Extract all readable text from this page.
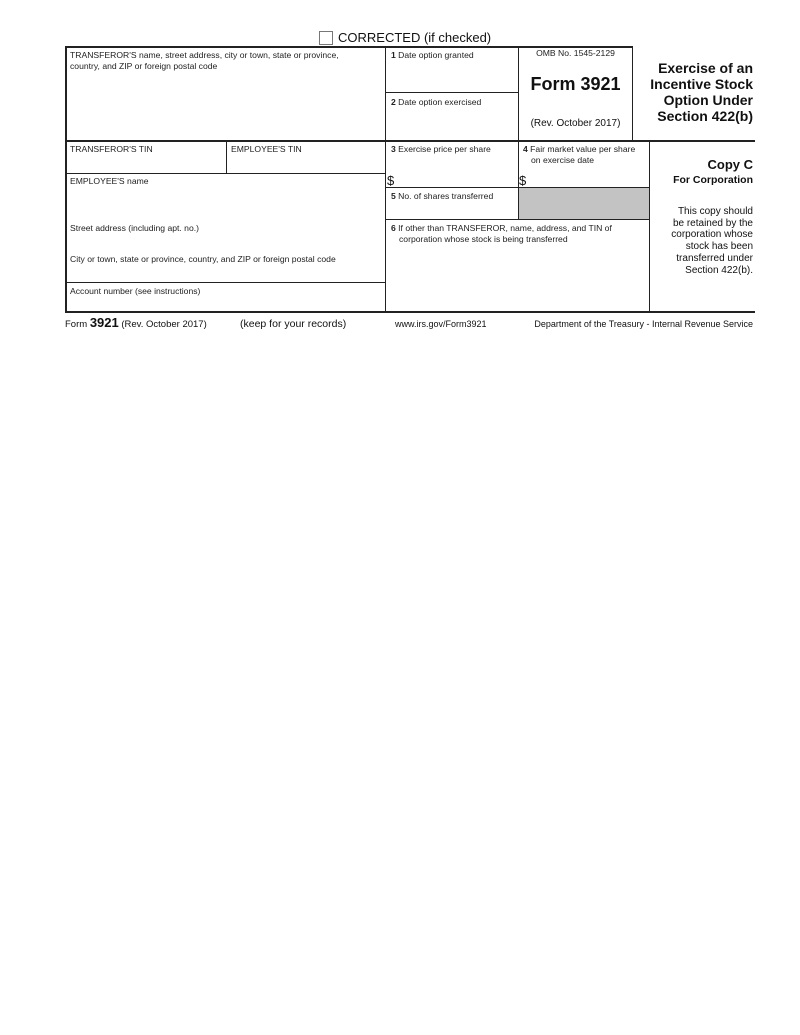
CORRECTED (if checked)
TRANSFEROR'S name, street address, city or town, state or province, country, and ZIP or foreign postal code
1 Date option granted
2 Date option exercised
OMB No. 1545-2129
Form 3921
(Rev. October 2017)
Exercise of an
Incentive Stock
Option Under
Section 422(b)
TRANSFEROR'S TIN	EMPLOYEE'S TIN	3 Exercise price per share
$
4 Fair market value per share
on exercise date
$
Copy C
For Corporation
This copy should
be retained by the
corporation whose
stock has been
transferred under
Section 422(b).
EMPLOYEE'S name
Street address (including apt. no.)
City or town, state or province, country, and ZIP or foreign postal code
Account number (see instructions)
5 No. of shares transferred
6 If other than TRANSFEROR, name, address, and TIN of
corporation whose stock is being transferred
Form 3921 (Rev. October 2017)	(keep for your records)	www.irs.gov/Form3921	Department of the Treasury - Internal Revenue Service
